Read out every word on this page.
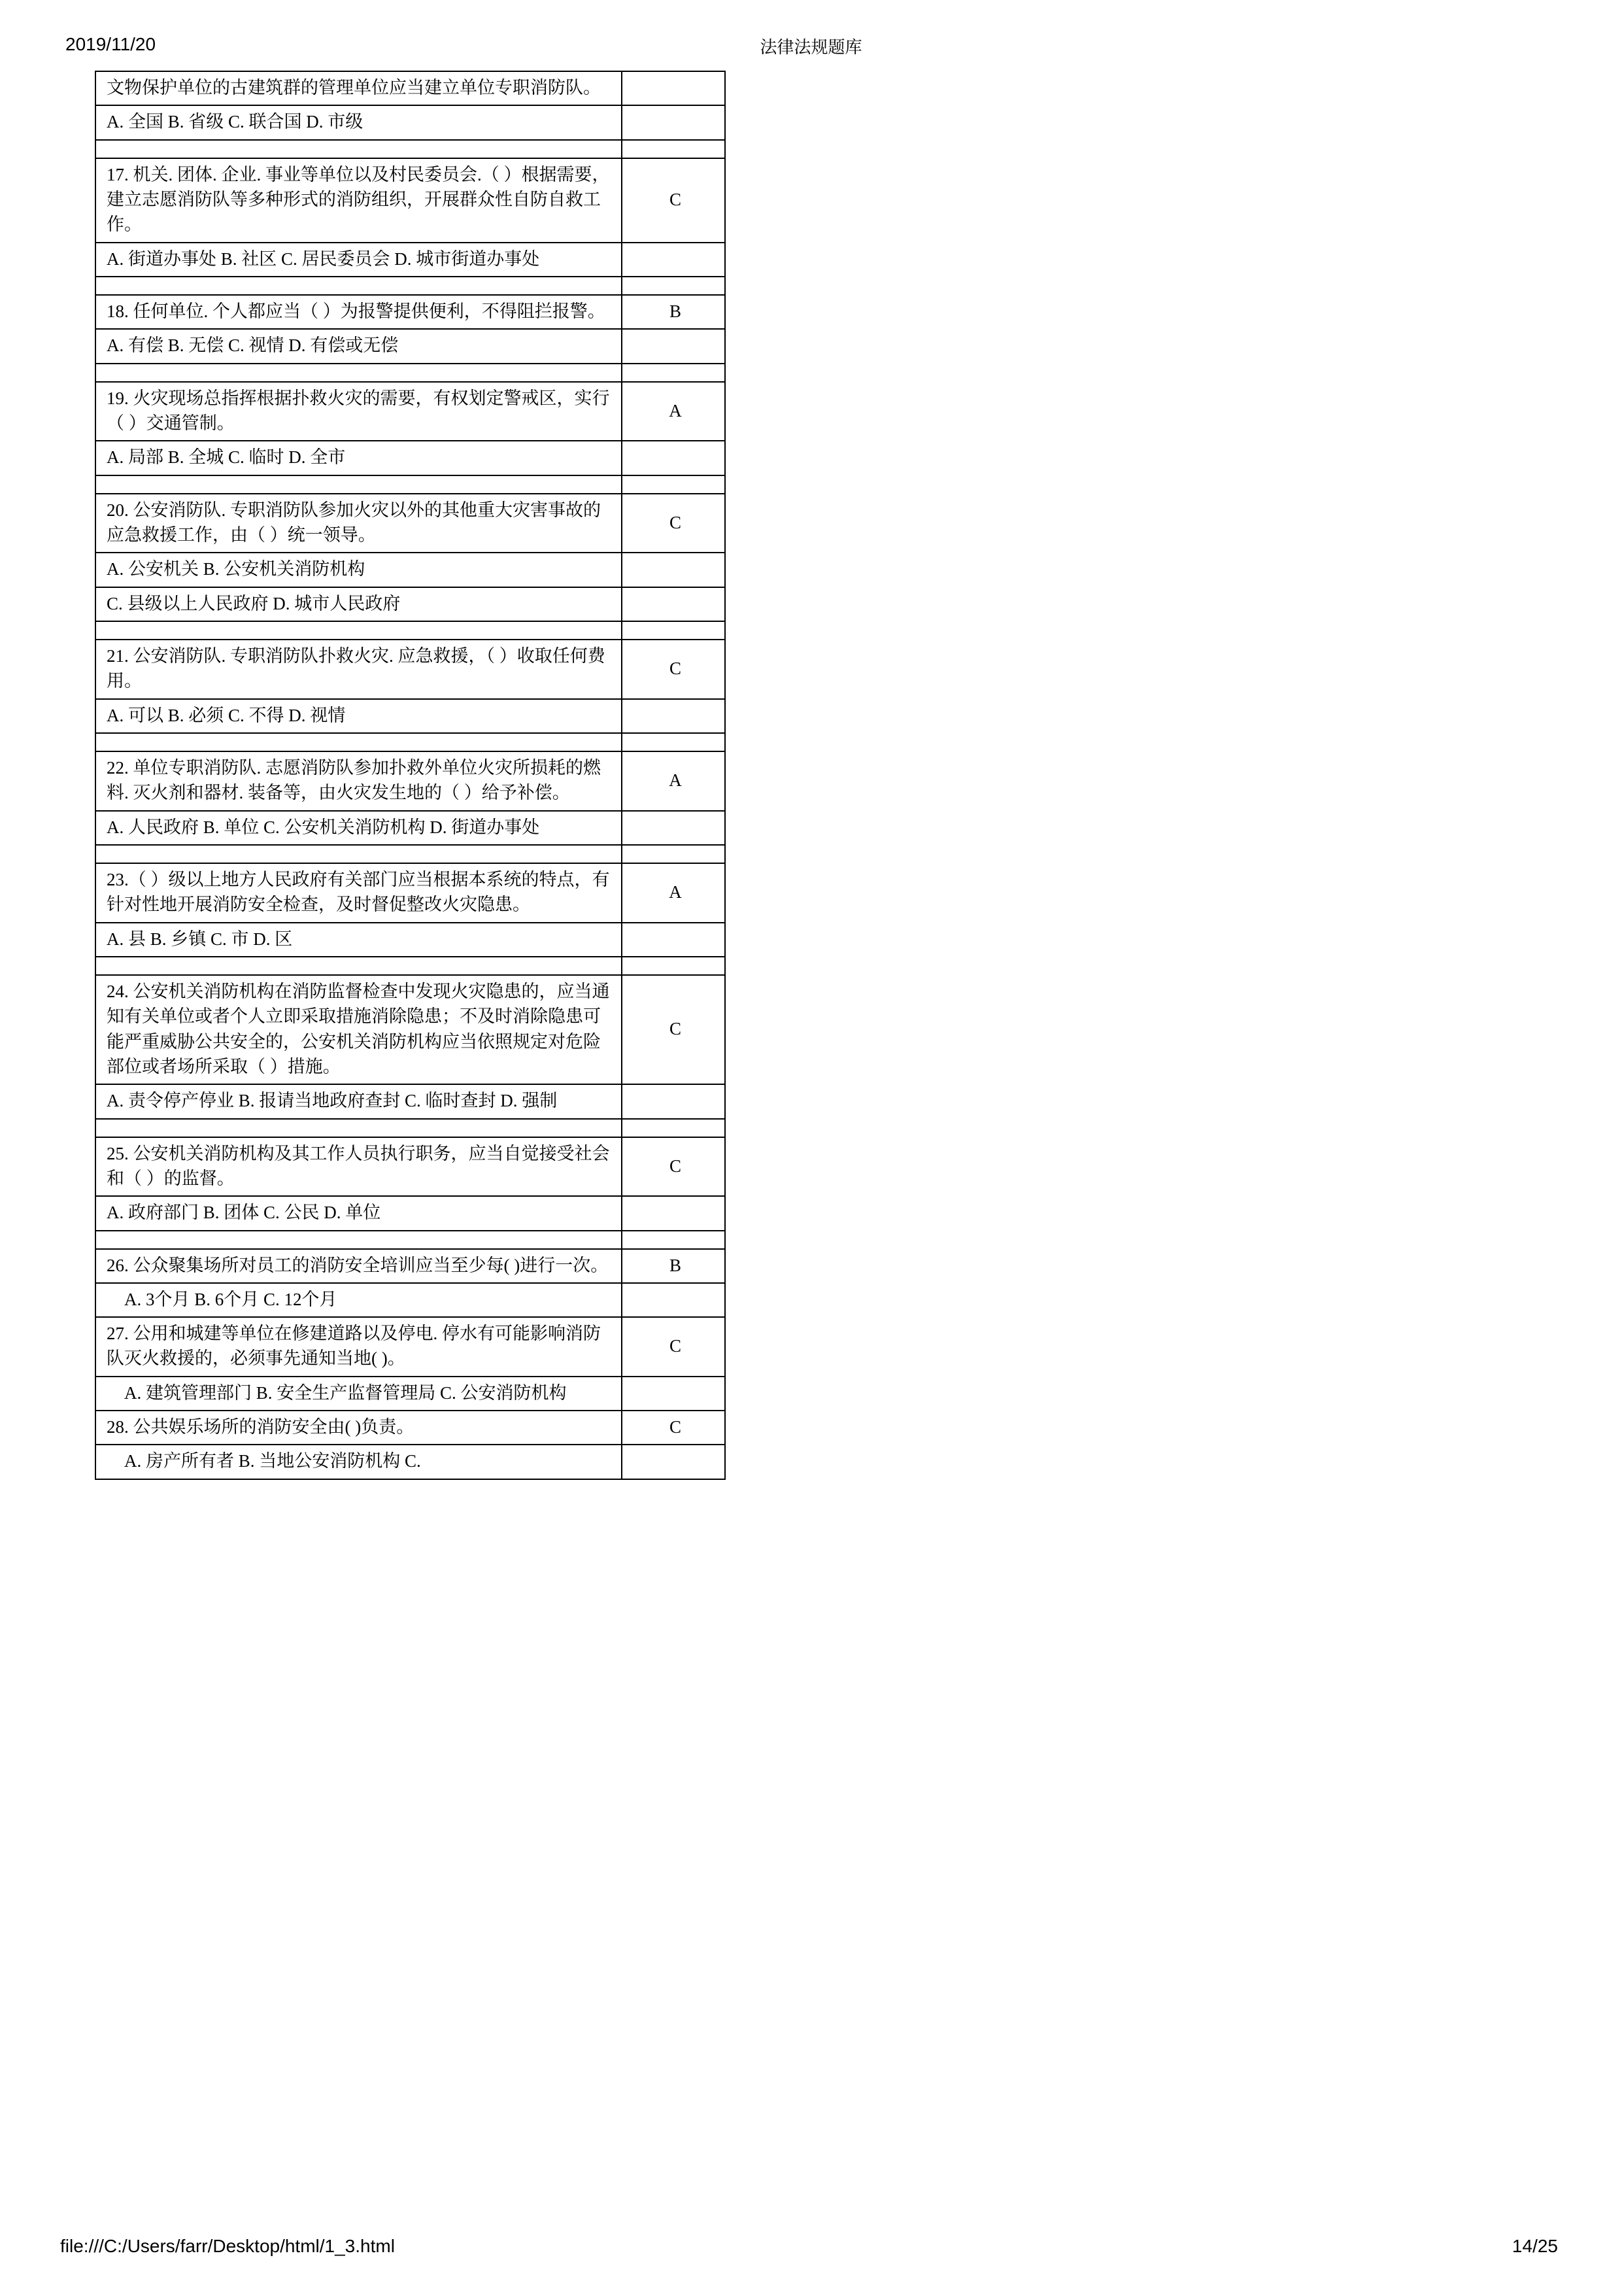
2019/11/20	法律法规题库
文物保护单位的古建筑群的管理单位应当建立单位专职消防队。	
A. 全国 B. 省级 C. 联合国 D. 市级	

17. 机关. 团体. 企业. 事业等单位以及村民委员会.（ ）根据需要，建立志愿消防队等多种形式的消防组织，开展群众性自防自救工作。	C
A. 街道办事处 B. 社区 C. 居民委员会 D. 城市街道办事处	

18. 任何单位. 个人都应当（ ）为报警提供便利，不得阻拦报警。	B
A. 有偿 B. 无偿 C. 视情 D. 有偿或无偿	

19. 火灾现场总指挥根据扑救火灾的需要，有权划定警戒区，实行（ ）交通管制。	A
A. 局部 B. 全城 C. 临时 D. 全市	

20. 公安消防队. 专职消防队参加火灾以外的其他重大灾害事故的应急救援工作，由（ ）统一领导。	C
A. 公安机关 B. 公安机关消防机构	
C. 县级以上人民政府 D. 城市人民政府	

21. 公安消防队. 专职消防队扑救火灾. 应急救援，（ ）收取任何费用。	C
A. 可以 B. 必须 C. 不得 D. 视情	

22. 单位专职消防队. 志愿消防队参加扑救外单位火灾所损耗的燃料. 灭火剂和器材. 装备等，由火灾发生地的（ ）给予补偿。	A
A. 人民政府 B. 单位 C. 公安机关消防机构 D. 街道办事处	

23.（ ）级以上地方人民政府有关部门应当根据本系统的特点，有针对性地开展消防安全检查，及时督促整改火灾隐患。	A
A. 县 B. 乡镇 C. 市 D. 区	

24. 公安机关消防机构在消防监督检查中发现火灾隐患的，应当通知有关单位或者个人立即采取措施消除隐患；不及时消除隐患可能严重威胁公共安全的，公安机关消防机构应当依照规定对危险部位或者场所采取（ ）措施。	C
A. 责令停产停业 B. 报请当地政府查封 C. 临时查封 D. 强制	

25. 公安机关消防机构及其工作人员执行职务，应当自觉接受社会和（ ）的监督。	C
A. 政府部门 B. 团体 C. 公民 D. 单位	

26. 公众聚集场所对员工的消防安全培训应当至少每( )进行一次。	B
　A. 3个月 B. 6个月 C. 12个月	
27. 公用和城建等单位在修建道路以及停电. 停水有可能影响消防队灭火救援的，必须事先通知当地( )。	C
　A. 建筑管理部门 B. 安全生产监督管理局 C. 公安消防机构	
28. 公共娱乐场所的消防安全由( )负责。	C
　A. 房产所有者 B. 当地公安消防机构 C.	
file:///C:/Users/farr/Desktop/html/1_3.html	14/25
